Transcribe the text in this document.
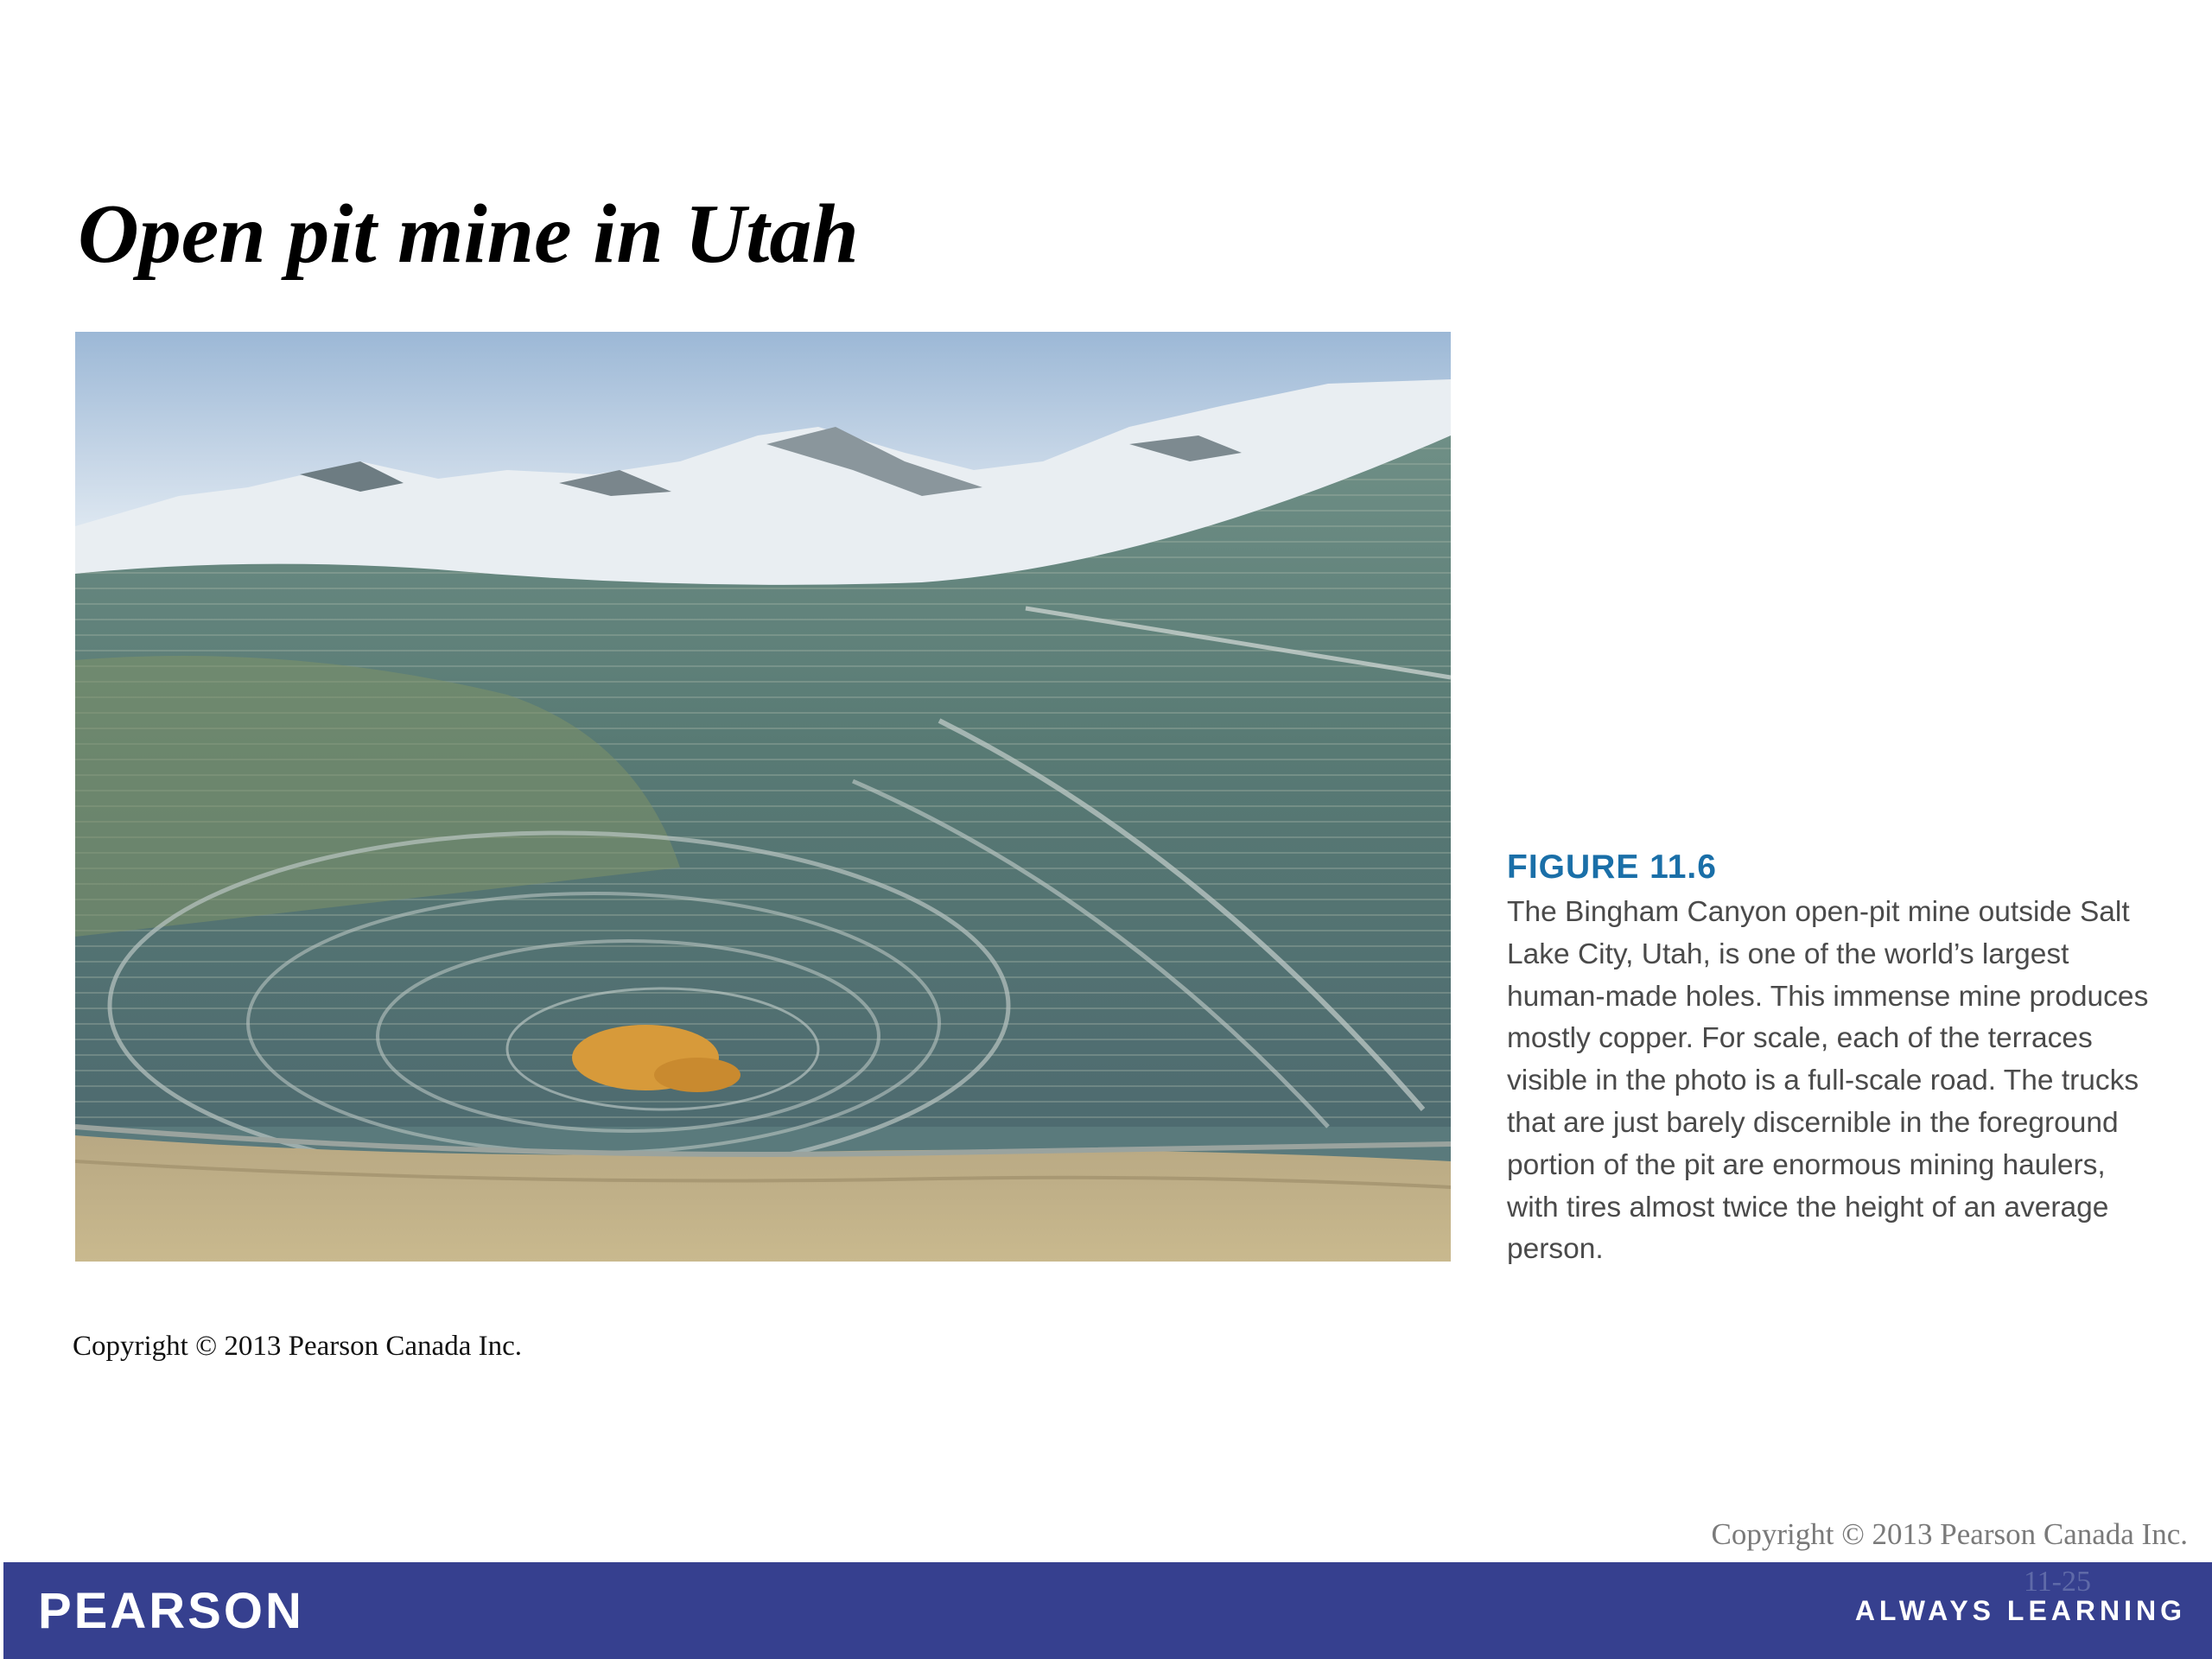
Open pit mine in Utah
FIGURE 11.6

The Bingham Canyon open-pit mine outside Salt Lake City, Utah, is one of the world’s largest human-made holes. This immense mine produces mostly copper. For scale, each of the terraces visible in the photo is a full-scale road. The trucks that are just barely discernible in the foreground portion of the pit are enormous mining haulers, with tires almost twice the height of an average person.

Copyright © 2013 Pearson Canada Inc.
Copyright © 2013 Pearson Canada Inc.
PEARSON
11-25
ALWAYS LEARNING
